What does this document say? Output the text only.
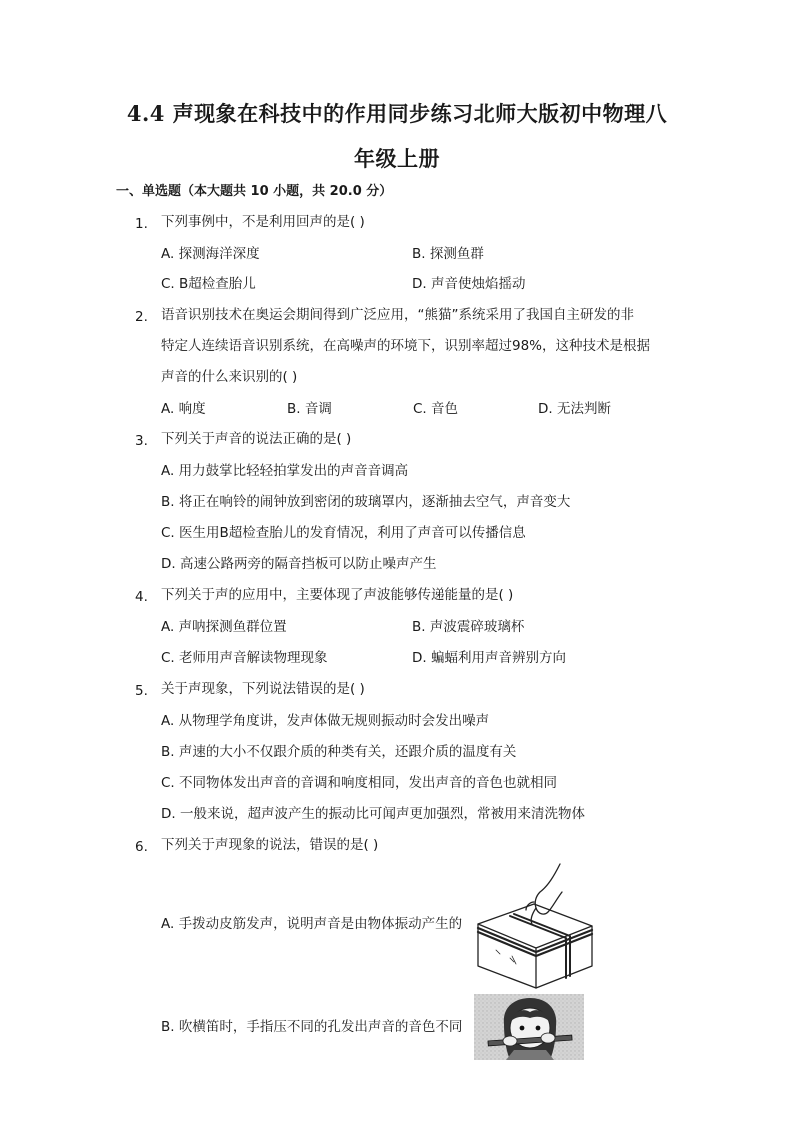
4.4 声现象在科技中的作用同步练习北师大版初中物理八
年级上册
一、单选题（本大题共 10 小题，共 20.0 分）
1. 下列事例中，不是利用回声的是( )
A. 探测海洋深度	B. 探测鱼群
C. B超检查胎儿	D. 声音使烛焰摇动
2. 语音识别技术在奥运会期间得到广泛应用，“熊猫”系统采用了我国自主研发的非
特定人连续语音识别系统，在高噪声的环境下，识别率超过98%，这种技术是根据
声音的什么来识别的( )
A. 响度	B. 音调	C. 音色	D. 无法判断
3. 下列关于声音的说法正确的是( )
A. 用力鼓掌比轻轻拍掌发出的声音音调高
B. 将正在响铃的闹钟放到密闭的玻璃罩内，逐渐抽去空气，声音变大
C. 医生用B超检查胎儿的发育情况，利用了声音可以传播信息
D. 高速公路两旁的隔音挡板可以防止噪声产生
4. 下列关于声的应用中，主要体现了声波能够传递能量的是( )
A. 声呐探测鱼群位置	B. 声波震碎玻璃杯
C. 老师用声音解读物理现象	D. 蝙蝠利用声音辨别方向
5. 关于声现象，下列说法错误的是( )
A. 从物理学角度讲，发声体做无规则振动时会发出噪声
B. 声速的大小不仅跟介质的种类有关，还跟介质的温度有关
C. 不同物体发出声音的音调和响度相同，发出声音的音色也就相同
D. 一般来说，超声波产生的振动比可闻声更加强烈，常被用来清洗物体
6. 下列关于声现象的说法，错误的是( )
A. 手拨动皮筋发声，说明声音是由物体振动产生的
B. 吹横笛时，手指压不同的孔发出声音的音色不同
